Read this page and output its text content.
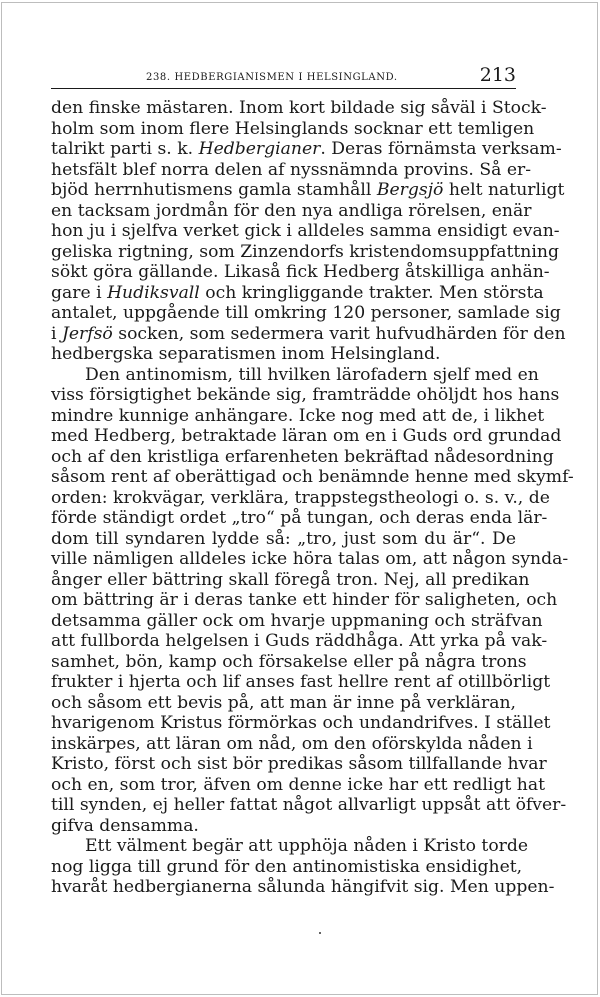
238. HEDBERGIANISMEN I HELSINGLAND.	213
den finske mästaren. Inom kort bildade sig såväl i Stock-
holm som inom flere Helsinglands socknar ett temligen
talrikt parti s. k. Hedbergianer. Deras förnämsta verksam-
hetsfält blef norra delen af nyssnämnda provins. Så er-
bjöd herrnhutismens gamla stamhåll Bergsjö helt naturligt
en tacksam jordmån för den nya andliga rörelsen, enär
hon ju i sjelfva verket gick i alldeles samma ensidigt evan-
geliska rigtning, som Zinzendorfs kristendomsuppfattning
sökt göra gällande. Likaså fick Hedberg åtskilliga anhän-
gare i Hudiksvall och kringliggande trakter. Men största
antalet, uppgående till omkring 120 personer, samlade sig
i Jerfsö socken, som sedermera varit hufvudhärden för den
hedbergska separatismen inom Helsingland.
Den antinomism, till hvilken lärofadern sjelf med en
viss försigtighet bekände sig, framträdde ohöljdt hos hans
mindre kunnige anhängare. Icke nog med att de, i likhet
med Hedberg, betraktade läran om en i Guds ord grundad
och af den kristliga erfarenheten bekräftad nådesordning
såsom rent af oberättigad och benämnde henne med skymf-
orden: krokvägar, verklära, trappstegstheologi o. s. v., de
förde ständigt ordet „tro“ på tungan, och deras enda lär-
dom till syndaren lydde så: „tro, just som du är“. De
ville nämligen alldeles icke höra talas om, att någon synda-
ånger eller bättring skall föregå tron. Nej, all predikan
om bättring är i deras tanke ett hinder för saligheten, och
detsamma gäller ock om hvarje uppmaning och sträfvan
att fullborda helgelsen i Guds räddhåga. Att yrka på vak-
samhet, bön, kamp och försakelse eller på några trons
frukter i hjerta och lif anses fast hellre rent af otillbörligt
och såsom ett bevis på, att man är inne på verkläran,
hvarigenom Kristus förmörkas och undandrifves. I stället
inskärpes, att läran om nåd, om den oförskylda nåden i
Kristo, först och sist bör predikas såsom tillfallande hvar
och en, som tror, äfven om denne icke har ett redligt hat
till synden, ej heller fattat något allvarligt uppsåt att öfver-
gifva densamma.
Ett välment begär att upphöja nåden i Kristo torde
nog ligga till grund för den antinomistiska ensidighet,
hvaråt hedbergianerna sålunda hängifvit sig. Men uppen-
